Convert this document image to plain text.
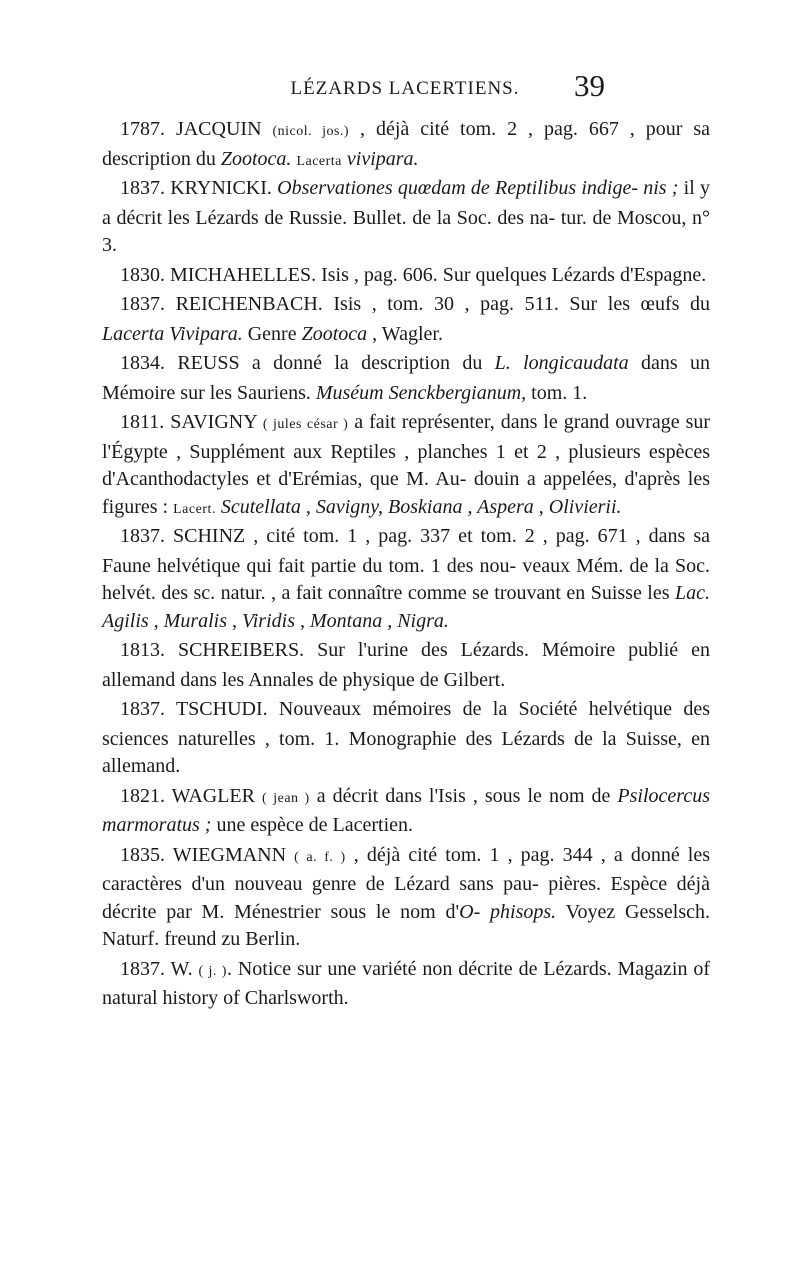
LÉZARDS LACERTIENS.	39

1787. JACQUIN (nicol. jos.) , déjà cité tom. 2 , pag. 667 , pour sa description du Zootoca. Lacerta vivipara.

1837. KRYNICKI. Observationes quœdam de Reptilibus indige- nis ; il y a décrit les Lézards de Russie. Bullet. de la Soc. des na- tur. de Moscou, n° 3.

1830. MICHAHELLES. Isis , pag. 606. Sur quelques Lézards d'Espagne.

1837. REICHENBACH. Isis , tom. 30 , pag. 511. Sur les œufs du Lacerta Vivipara. Genre Zootoca , Wagler.

1834. REUSS a donné la description du L. longicaudata dans un Mémoire sur les Sauriens. Muséum Senckbergianum, tom. 1.

1811. SAVIGNY ( jules césar ) a fait représenter, dans le grand ouvrage sur l'Égypte , Supplément aux Reptiles , planches 1 et 2 , plusieurs espèces d'Acanthodactyles et d'Erémias, que M. Au- douin a appelées, d'après les figures : Lacert. Scutellata , Savigny, Boskiana , Aspera , Olivierii.

1837. SCHINZ , cité tom. 1 , pag. 337 et tom. 2 , pag. 671 , dans sa Faune helvétique qui fait partie du tom. 1 des nou- veaux Mém. de la Soc. helvét. des sc. natur. , a fait connaître comme se trouvant en Suisse les Lac. Agilis , Muralis , Viridis , Montana , Nigra.

1813. SCHREIBERS. Sur l'urine des Lézards. Mémoire publié en allemand dans les Annales de physique de Gilbert.

1837. TSCHUDI. Nouveaux mémoires de la Société helvétique des sciences naturelles , tom. 1. Monographie des Lézards de la Suisse, en allemand.

1821. WAGLER ( jean ) a décrit dans l'Isis , sous le nom de Psilocercus marmoratus ; une espèce de Lacertien.

1835. WIEGMANN ( a. f. ) , déjà cité tom. 1 , pag. 344 , a donné les caractères d'un nouveau genre de Lézard sans pau- pières. Espèce déjà décrite par M. Ménestrier sous le nom d'O- phisops. Voyez Gesselsch. Naturf. freund zu Berlin.

1837. W. ( j. ). Notice sur une variété non décrite de Lézards. Magazin of natural history of Charlsworth.
